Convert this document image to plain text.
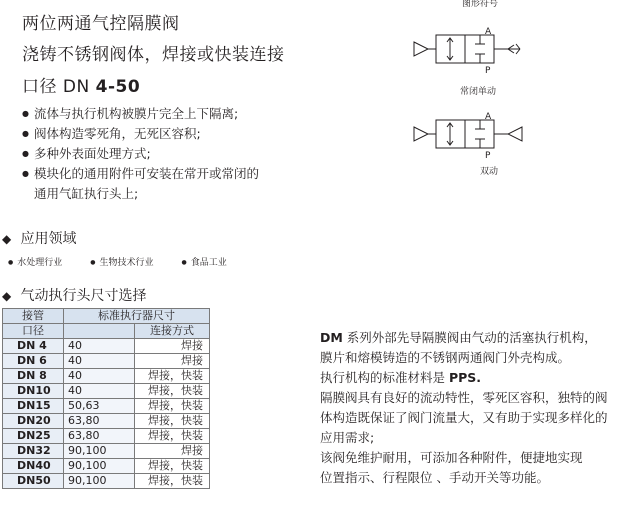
两位两通气控隔膜阀
浇铸不锈钢阀体，焊接或快装连接
口径 DN 4-50
● 流体与执行机构被膜片完全上下隔离;
● 阀体构造零死角，无死区容积;
● 多种外表面处理方式;
● 模块化的通用附件可安装在常开或常闭的
通用气缸执行头上;
◆ 应用领域
● 水处理行业	● 生物技术行业	● 食品工业
◆ 气动执行头尺寸选择
接管	标准执行器尺寸	
口径		连接方式
DN 4	40	焊接
DN 6	40	焊接
DN 8	40	焊接，快装
DN10	40	焊接，快装
DN15	50,63	焊接，快装
DN20	63,80	焊接，快装
DN25	63,80	焊接，快装
DN32	90,100	焊接
DN40	90,100	焊接，快装
DN50	90,100	焊接，快装
DM 系列外部先导隔膜阀由气动的活塞执行机构，
膜片和熔模铸造的不锈钢两通阀门外壳构成。
执行机构的标准材料是 PPS.
隔膜阀具有良好的流动特性，零死区容积，独特的阀
体构造既保证了阀门流量大，又有助于实现多样化的
应用需求;
该阀免维护耐用，可添加各种附件，便捷地实现
位置指示、行程限位 、手动开关等功能。
图形符号
A
P
常闭单动
A
P
双动
